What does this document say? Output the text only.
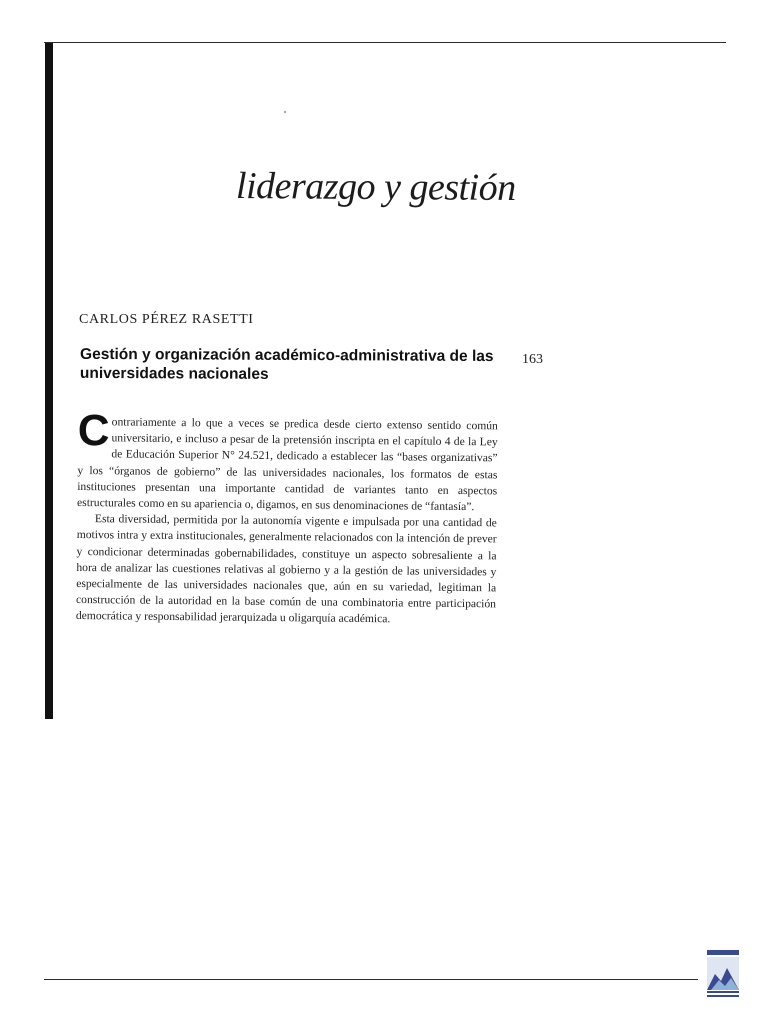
liderazgo y gestión
CARLOS PÉREZ RASETTI
Gestión y organización académico-administrativa de las universidades nacionales
163

Contrariamente a lo que a veces se predica desde cierto extenso sentido común universitario, e incluso a pesar de la pretensión inscripta en el capítulo 4 de la Ley de Educación Superior N° 24.521, dedicado a establecer las “bases organizativas” y los “órganos de gobierno” de las universidades nacionales, los formatos de estas instituciones presentan una importante cantidad de variantes tanto en aspectos estructurales como en su apariencia o, digamos, en sus denominaciones de “fantasía”.

Esta diversidad, permitida por la autonomía vigente e impulsada por una cantidad de motivos intra y extra institucionales, generalmente relacionados con la intención de prever y condicionar determinadas gobernabilidades, constituye un aspecto sobresaliente a la hora de analizar las cuestiones relativas al gobierno y a la gestión de las universidades y especialmente de las universidades nacionales que, aún en su variedad, legitiman la construcción de la autoridad en la base común de una combinatoria entre participación democrática y responsabilidad jerarquizada u oligarquía académica.
